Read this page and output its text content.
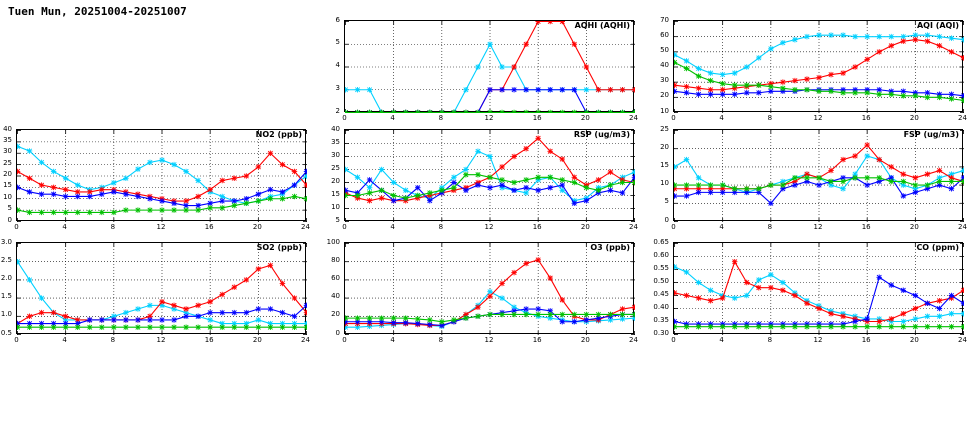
Tuen Mun, 20251004-20251007
AQHI (AQHI)
2
3
4
5
6
0	4	8	12	16	20	24
AQI (AQI)
10
20
30
40
50
60
70
0	4	8	12	16	20	24
NO2 (ppb)
0
5
10
15
20
25
30
35
40
0	4	8	12	16	20	24
RSP (ug/m3)
5
10
15
20
25
30
35
40
0	4	8	12	16	20	24
FSP (ug/m3)
0
5
10
15
20
25
0	4	8	12	16	20	24
SO2 (ppb)
0.5
1.0
1.5
2.0
2.5
3.0
0	4	8	12	16	20	24
O3 (ppb)
0
20
40
60
80
100
0	4	8	12	16	20	24
CO (ppm)
0.30
0.35
0.40
0.45
0.50
0.55
0.60
0.65
0	4	8	12	16	20	24
